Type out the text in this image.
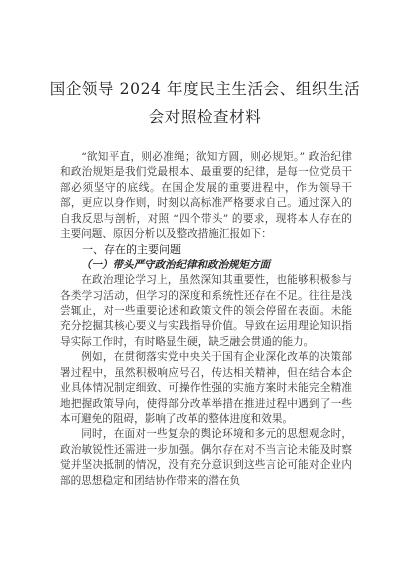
国企领导 2024 年度民主生活会、组织生活
会对照检查材料

“欲知平直，则必准绳；欲知方圆，则必规矩。” 政治纪律和政治规矩是我们党最根本、最重要的纪律，是每一位党员干部必须坚守的底线。在国企发展的重要进程中，作为领导干部，更应以身作则，时刻以高标准严格要求自己。通过深入的自我反思与剖析，对照 “四个带头” 的要求，现将本人存在的主要问题、原因分析以及整改措施汇报如下：

一、存在的主要问题

（一）带头严守政治纪律和政治规矩方面

在政治理论学习上，虽然深知其重要性，也能够积极参与各类学习活动，但学习的深度和系统性还存在不足。往往是浅尝辄止，对一些重要论述和政策文件的领会停留在表面。未能充分挖掘其核心要义与实践指导价值。导致在运用理论知识指导实际工作时，有时略显生硬，缺乏融会贯通的能力。

例如，在贯彻落实党中央关于国有企业深化改革的决策部署过程中，虽然积极响应号召，传达相关精神，但在结合本企业具体情况制定细致、可操作性强的实施方案时未能完全精准地把握政策导向，使得部分改革举措在推进过程中遇到了一些本可避免的阻碍，影响了改革的整体进度和效果。

同时，在面对一些复杂的舆论环境和多元的思想观念时，政治敏锐性还需进一步加强。偶尔存在对不当言论未能及时察觉并坚决抵制的情况，没有充分意识到这些言论可能对企业内部的思想稳定和团结协作带来的潜在负
